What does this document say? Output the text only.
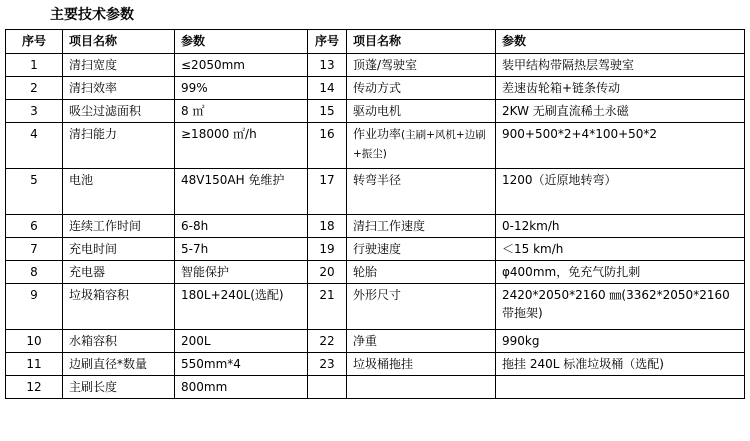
主要技术参数
序号	项目名称	参数	序号	项目名称	参数
1	清扫宽度	≤2050mm	13	顶蓬/驾驶室	装甲结构带隔热层驾驶室
2	清扫效率	99%	14	传动方式	差速齿轮箱+链条传动
3	吸尘过滤面积	8 ㎡	15	驱动电机	2KW 无刷直流稀土永磁
4	清扫能力	≥18000 ㎡/h	16	作业功率(主刷+风机+边刷+振尘)	900+500*2+4*100+50*2
5	电池	48V150AH 免维护	17	转弯半径	1200（近原地转弯）
6	连续工作时间	6-8h	18	清扫工作速度	0-12km/h
7	充电时间	5-7h	19	行驶速度	＜15 km/h
8	充电器	智能保护	20	轮胎	φ400mm，免充气防扎刺
9	垃圾箱容积	180L+240L(选配)	21	外形尺寸	2420*2050*2160 ㎜(3362*2050*2160带拖架)
10	水箱容积	200L	22	净重	990kg
11	边刷直径*数量	550mm*4	23	垃圾桶拖挂	拖挂 240L 标准垃圾桶（选配)
12	主刷长度	800mm			
